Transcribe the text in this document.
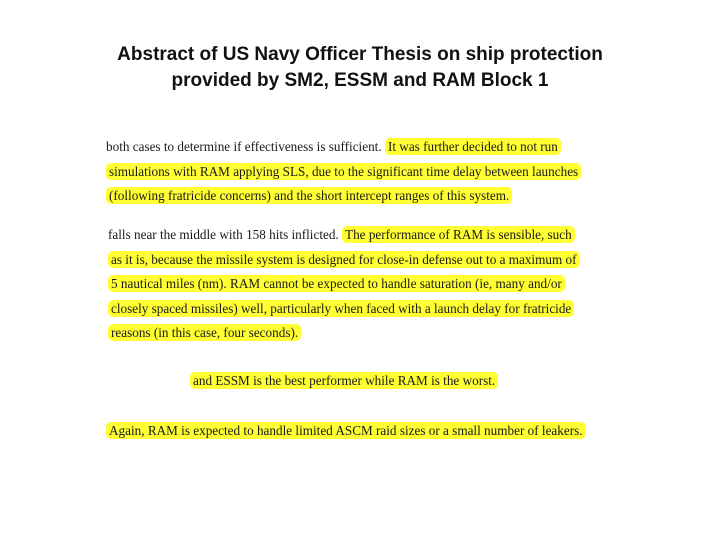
Abstract of US Navy Officer Thesis on ship protection
provided by SM2, ESSM and RAM Block 1
both cases to determine if effectiveness is sufficient. It was further decided to not run
simulations with RAM applying SLS, due to the significant time delay between launches
(following fratricide concerns) and the short intercept ranges of this system.
falls near the middle with 158 hits inflicted. The performance of RAM is sensible, such
as it is, because the missile system is designed for close-in defense out to a maximum of
5 nautical miles (nm). RAM cannot be expected to handle saturation (ie, many and/or
closely spaced missiles) well, particularly when faced with a launch delay for fratricide
reasons (in this case, four seconds).
and ESSM is the best performer while RAM is the worst.
Again, RAM is expected to handle limited ASCM raid sizes or a small number of leakers.
